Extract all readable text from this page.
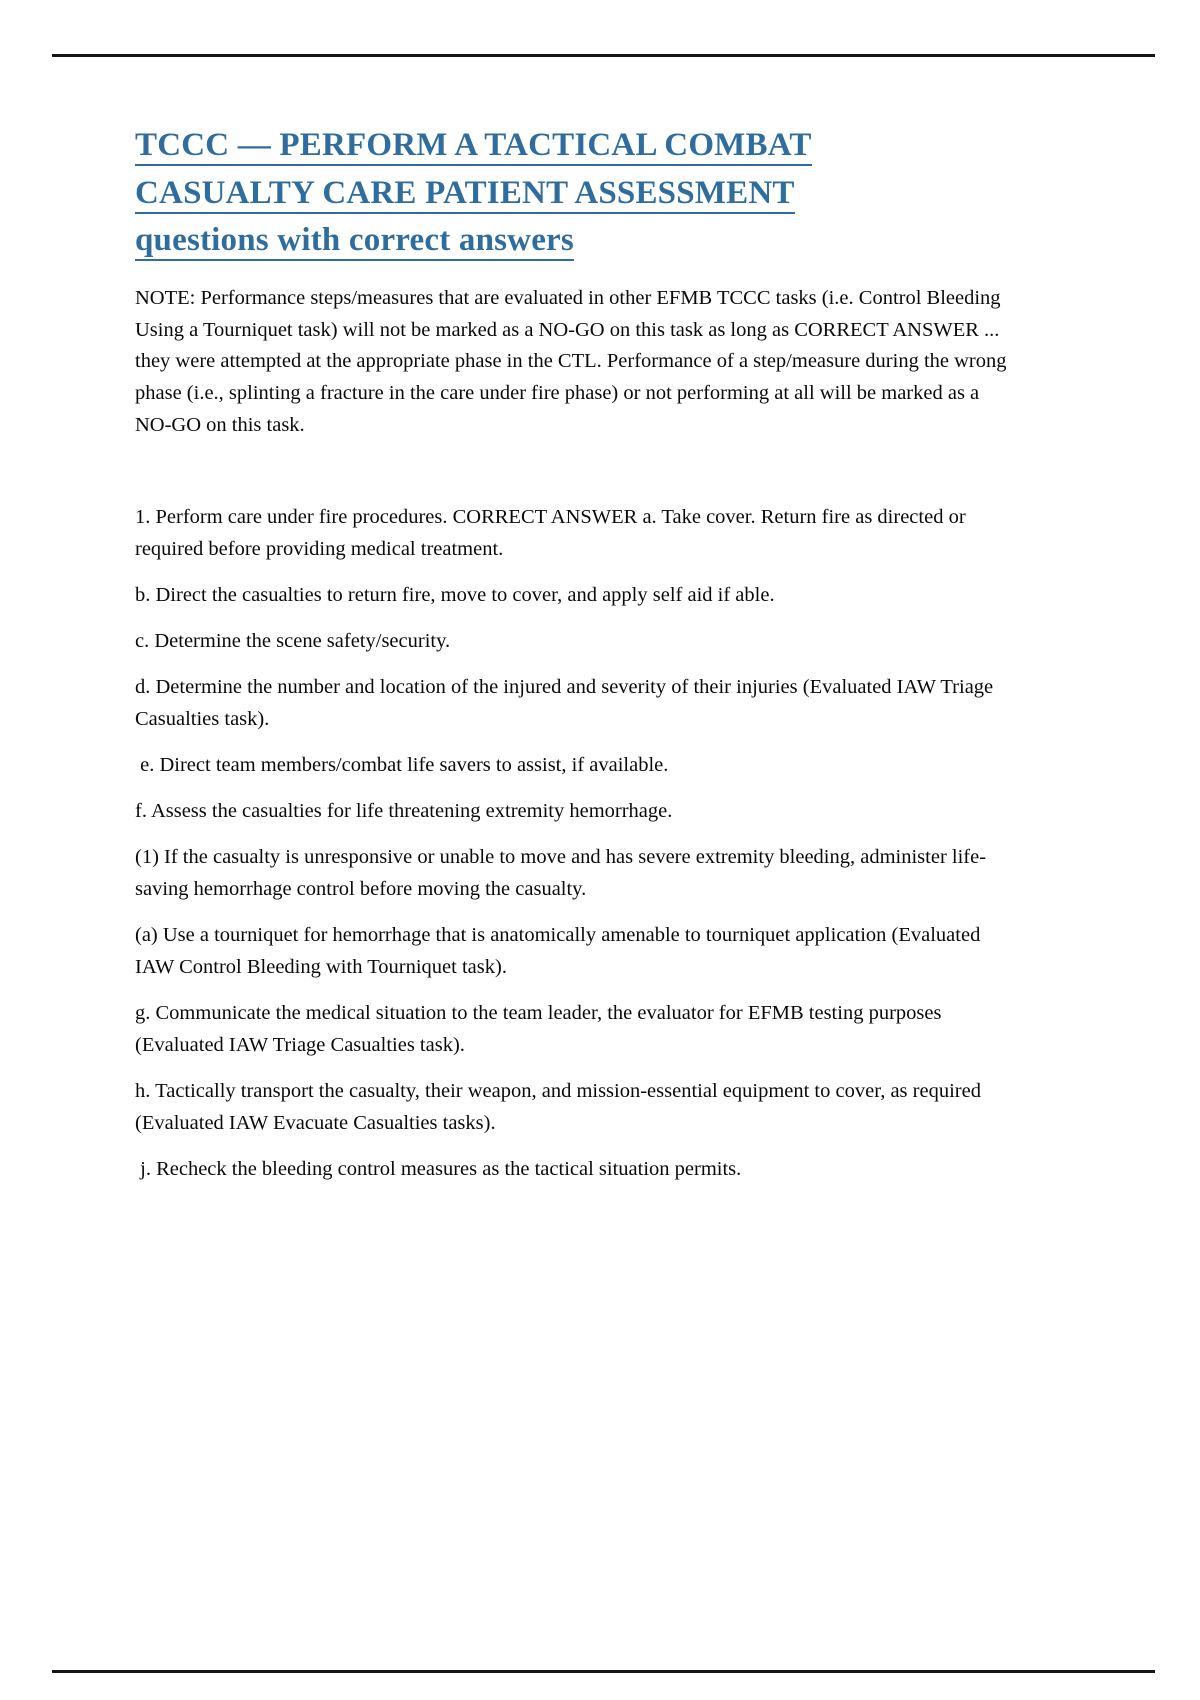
TCCC — PERFORM A TACTICAL COMBAT
CASUALTY CARE PATIENT ASSESSMENT
questions with correct answers

NOTE: Performance steps/measures that are evaluated in other EFMB TCCC tasks (i.e. Control Bleeding Using a Tourniquet task) will not be marked as a NO-GO on this task as long as CORRECT ANSWER ... they were attempted at the appropriate phase in the CTL. Performance of a step/measure during the wrong phase (i.e., splinting a fracture in the care under fire phase) or not performing at all will be marked as a NO-GO on this task.

1. Perform care under fire procedures. CORRECT ANSWER a. Take cover. Return fire as directed or required before providing medical treatment.

b. Direct the casualties to return fire, move to cover, and apply self aid if able.

c. Determine the scene safety/security.

d. Determine the number and location of the injured and severity of their injuries (Evaluated IAW Triage Casualties task).

e. Direct team members/combat life savers to assist, if available.

f. Assess the casualties for life threatening extremity hemorrhage.

(1) If the casualty is unresponsive or unable to move and has severe extremity bleeding, administer life-saving hemorrhage control before moving the casualty.

(a) Use a tourniquet for hemorrhage that is anatomically amenable to tourniquet application (Evaluated IAW Control Bleeding with Tourniquet task).

g. Communicate the medical situation to the team leader, the evaluator for EFMB testing purposes (Evaluated IAW Triage Casualties task).

h. Tactically transport the casualty, their weapon, and mission-essential equipment to cover, as required (Evaluated IAW Evacuate Casualties tasks).

j. Recheck the bleeding control measures as the tactical situation permits.
